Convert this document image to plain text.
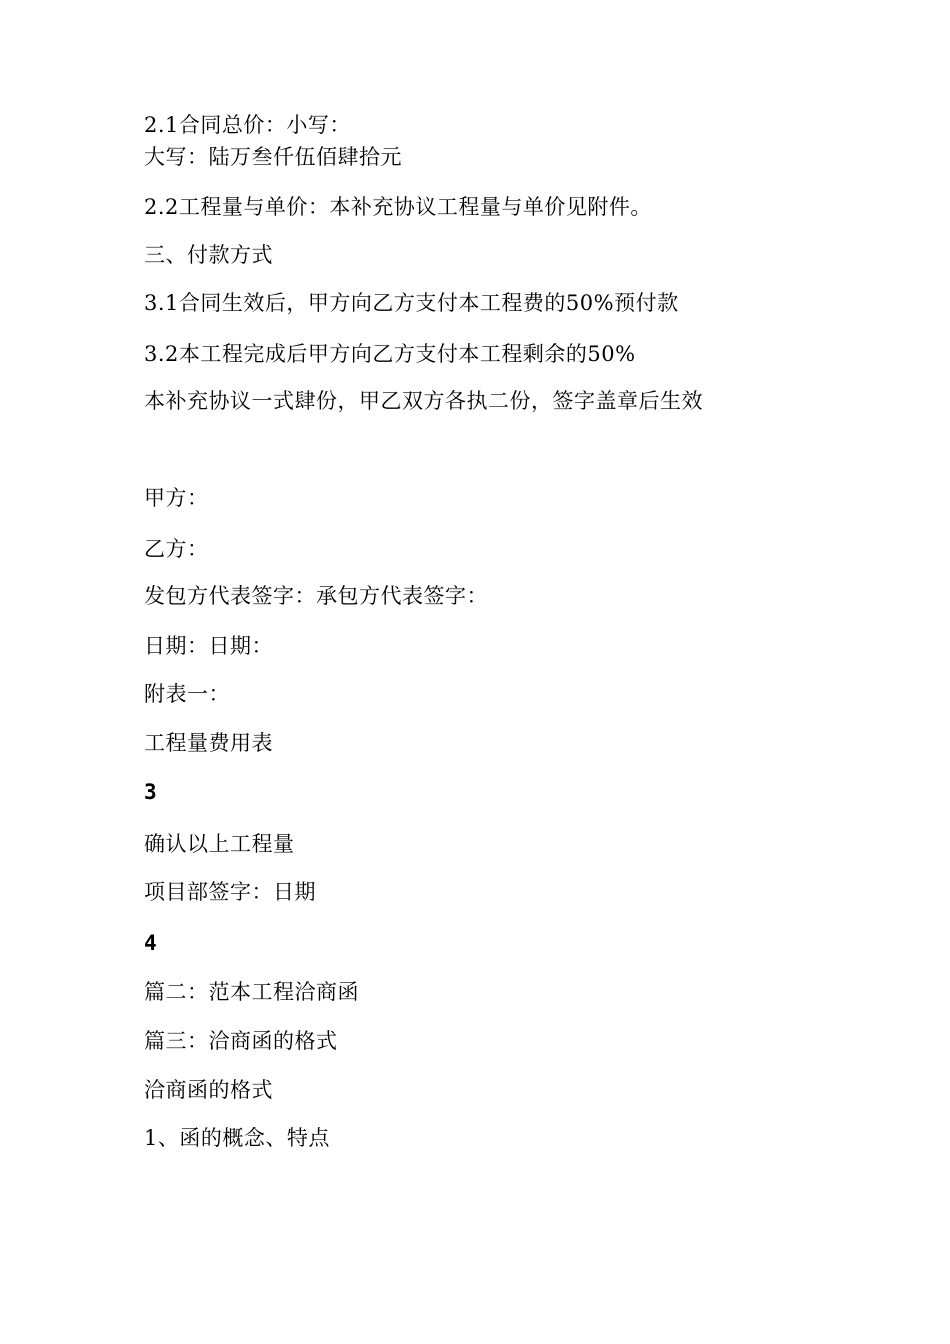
2.1合同总价：小写：
大写：陆万叁仟伍佰肆拾元
2.2工程量与单价：本补充协议工程量与单价见附件。
三、付款方式
3.1合同生效后，甲方向乙方支付本工程费的50%预付款
3.2本工程完成后甲方向乙方支付本工程剩余的50%
本补充协议一式肆份，甲乙双方各执二份，签字盖章后生效
甲方：
乙方：
发包方代表签字：承包方代表签字：
日期：日期：
附表一：
工程量费用表
3
确认以上工程量
项目部签字：日期
4
篇二：范本工程洽商函
篇三：洽商函的格式
洽商函的格式
1、函的概念、特点
